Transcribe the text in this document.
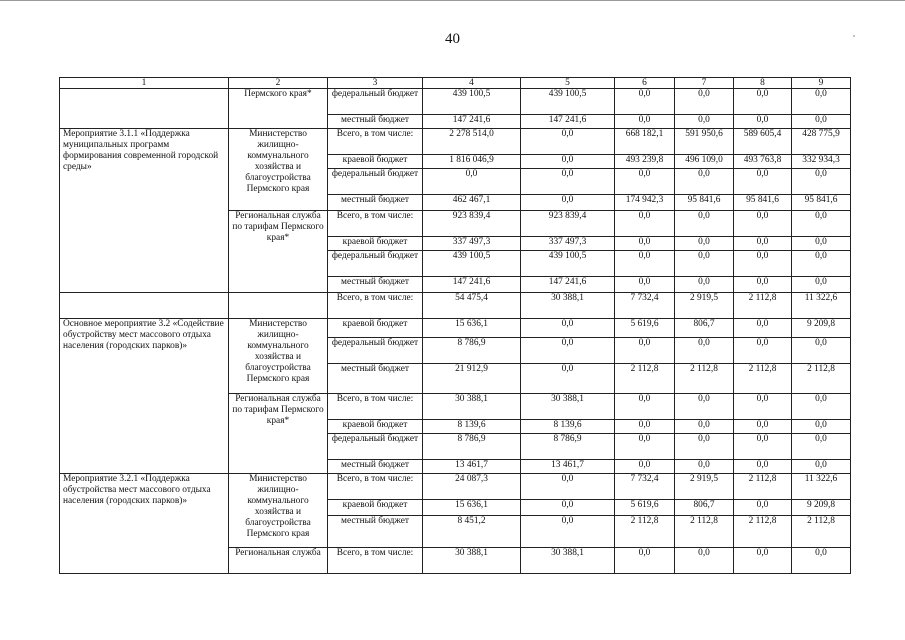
40
1	2	3	4	5	6	7	8	9
	Пермского края*	федеральный бюджет	439 100,5	439 100,5	0,0	0,0	0,0	0,0
		местный бюджет	147 241,6	147 241,6	0,0	0,0	0,0	0,0
Мероприятие 3.1.1 «Поддержка муниципальных программ формирования современной городской среды»	Министерство жилищно-коммунального хозяйства и благоустройства Пермского края	Всего, в том числе:	2 278 514,0	0,0	668 182,1	591 950,6	589 605,4	428 775,9
		краевой бюджет	1 816 046,9	0,0	493 239,8	496 109,0	493 763,8	332 934,3
		федеральный бюджет	0,0	0,0	0,0	0,0	0,0	0,0
		местный бюджет	462 467,1	0,0	174 942,3	95 841,6	95 841,6	95 841,6
	Региональная служба по тарифам Пермского края*	Всего, в том числе:	923 839,4	923 839,4	0,0	0,0	0,0	0,0
		краевой бюджет	337 497,3	337 497,3	0,0	0,0	0,0	0,0
		федеральный бюджет	439 100,5	439 100,5	0,0	0,0	0,0	0,0
		местный бюджет	147 241,6	147 241,6	0,0	0,0	0,0	0,0
		Всего, в том числе:	54 475,4	30 388,1	7 732,4	2 919,5	2 112,8	11 322,6
Основное мероприятие 3.2 «Содействие обустройству мест массового отдыха населения (городских парков)»	Министерство жилищно-коммунального хозяйства и благоустройства Пермского края	краевой бюджет	15 636,1	0,0	5 619,6	806,7	0,0	9 209,8
		федеральный бюджет	8 786,9	0,0	0,0	0,0	0,0	0,0
		местный бюджет	21 912,9	0,0	2 112,8	2 112,8	2 112,8	2 112,8
	Региональная служба по тарифам Пермского края*	Всего, в том числе:	30 388,1	30 388,1	0,0	0,0	0,0	0,0
		краевой бюджет	8 139,6	8 139,6	0,0	0,0	0,0	0,0
		федеральный бюджет	8 786,9	8 786,9	0,0	0,0	0,0	0,0
		местный бюджет	13 461,7	13 461,7	0,0	0,0	0,0	0,0
Мероприятие 3.2.1 «Поддержка обустройства мест массового отдыха населения (городских парков)»	Министерство жилищно-коммунального хозяйства и благоустройства Пермского края	Всего, в том числе:	24 087,3	0,0	7 732,4	2 919,5	2 112,8	11 322,6
		краевой бюджет	15 636,1	0,0	5 619,6	806,7	0,0	9 209,8
		местный бюджет	8 451,2	0,0	2 112,8	2 112,8	2 112,8	2 112,8
	Региональная служба	Всего, в том числе:	30 388,1	30 388,1	0,0	0,0	0,0	0,0
